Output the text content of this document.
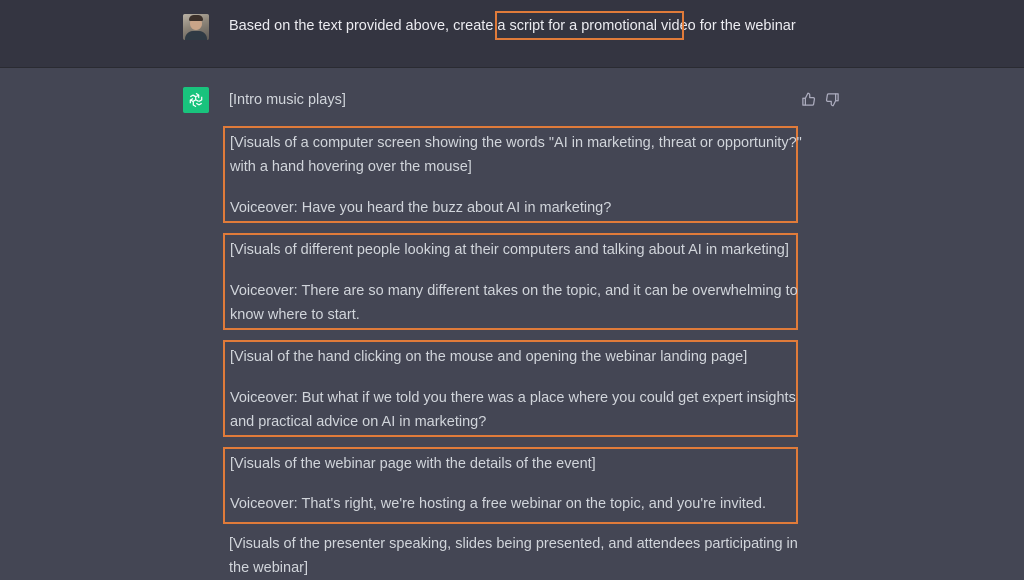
Based on the text provided above, create a script for a promotional video for the webinar
[Intro music plays]
[Visuals of a computer screen showing the words "AI in marketing, threat or opportunity?"
with a hand hovering over the mouse]
Voiceover: Have you heard the buzz about AI in marketing?
[Visuals of different people looking at their computers and talking about AI in marketing]
Voiceover: There are so many different takes on the topic, and it can be overwhelming to
know where to start.
[Visual of the hand clicking on the mouse and opening the webinar landing page]
Voiceover: But what if we told you there was a place where you could get expert insights
and practical advice on AI in marketing?
[Visuals of the webinar page with the details of the event]
Voiceover: That's right, we're hosting a free webinar on the topic, and you're invited.
[Visuals of the presenter speaking, slides being presented, and attendees participating in
the webinar]
